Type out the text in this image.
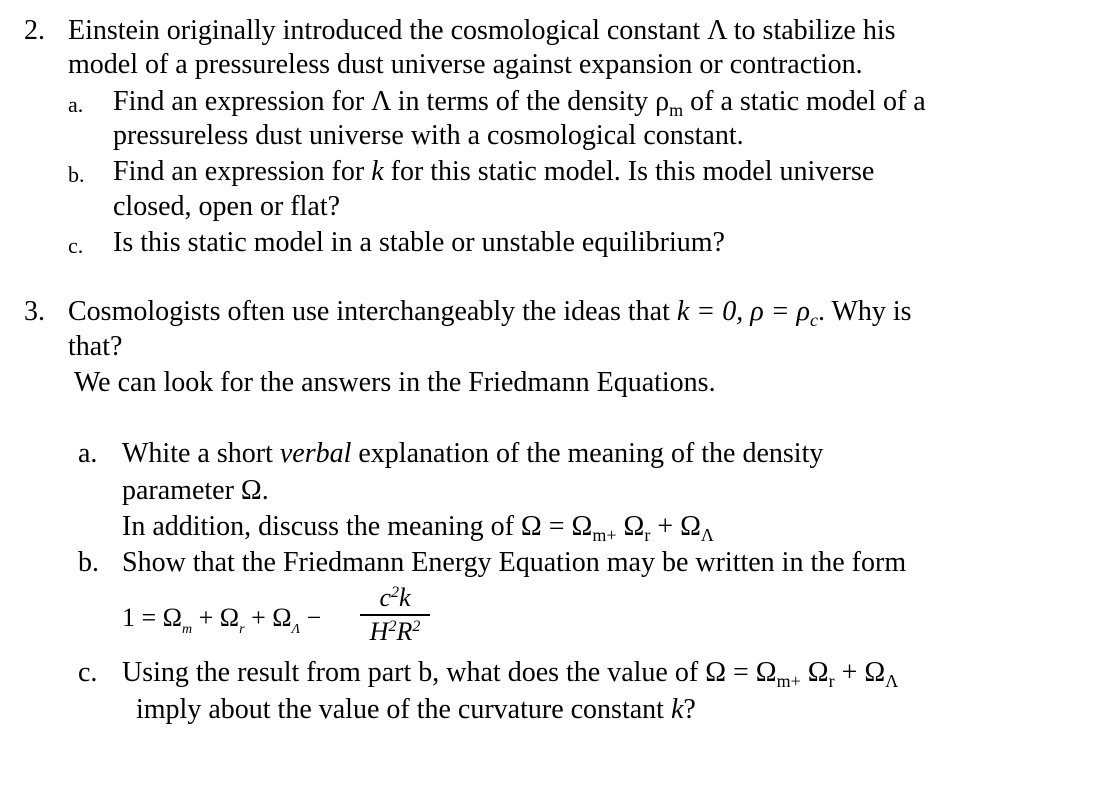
2. Einstein originally introduced the cosmological constant Λ to stabilize his
model of a pressureless dust universe against expansion or contraction.
a. Find an expression for Λ in terms of the density $\rho_m$ of a static model of a
pressureless dust universe with a cosmological constant.
b. Find an expression for k for this static model. Is this model universe
closed, open or flat?
c. Is this static model in a stable or unstable equilibrium?
3. Cosmologists often use interchangeably the ideas that k = 0, $\rho = \rho_c$. Why is
that?
We can look for the answers in the Friedmann Equations.
a. White a short verbal explanation of the meaning of the density
parameter Ω.
In addition, discuss the meaning of $\Omega = \Omega_{m+}$ $\Omega_r + \Omega_\Lambda$
b. Show that the Friedmann Energy Equation may be written in the form
$1 = \Omega_m + \Omega_r + \Omega_\Lambda$ −
$c^2k$
$H^2R^2$
c. Using the result from part b, what does the value of $\Omega = \Omega_{m+}$ $\Omega_r + \Omega_\Lambda$
imply about the value of the curvature constant k?
